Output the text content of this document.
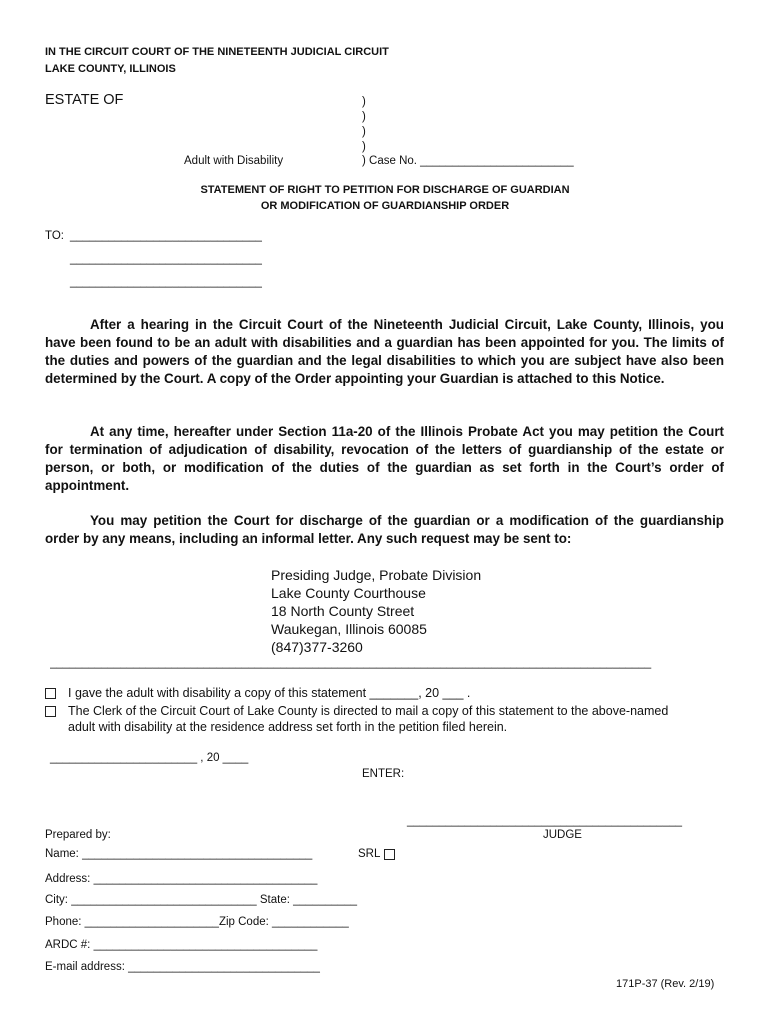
IN THE CIRCUIT COURT OF THE NINETEENTH JUDICIAL CIRCUIT
LAKE COUNTY, ILLINOIS
ESTATE OF	)
)
)
)
Adult with Disability	) Case No. ________________________
STATEMENT OF RIGHT TO PETITION FOR DISCHARGE OF GUARDIAN
OR MODIFICATION OF GUARDIANSHIP ORDER
TO: ______________________________
______________________________
______________________________

After a hearing in the Circuit Court of the Nineteenth Judicial Circuit, Lake County, Illinois, you have been found to be an adult with disabilities and a guardian has been appointed for you. The limits of the duties and powers of the guardian and the legal disabilities to which you are subject have also been determined by the Court. A copy of the Order appointing your Guardian is attached to this Notice.

At any time, hereafter under Section 11a-20 of the Illinois Probate Act you may petition the Court for termination of adjudication of disability, revocation of the letters of guardianship of the estate or person, or both, or modification of the duties of the guardian as set forth in the Court’s order of appointment.

You may petition the Court for discharge of the guardian or a modification of the guardianship order by any means, including an informal letter. Any such request may be sent to:

Presiding Judge, Probate Division
Lake County Courthouse
18 North County Street
Waukegan, Illinois 60085
(847)377-3260
______________________________________________________________________________________________
I gave the adult with disability a copy of this statement _______, 20 ___ .
The Clerk of the Circuit Court of Lake County is directed to mail a copy of this statement to the above-named
adult with disability at the residence address set forth in the petition filed herein.
_______________________ , 20 ____
ENTER:
___________________________________________
JUDGE
Prepared by:
Name: ____________________________________	SRL
Address: ___________________________________
City: _____________________________ State: __________
Phone: _____________________Zip Code: ____________
ARDC #: ___________________________________
E-mail address: ______________________________
171P-37 (Rev. 2/19)
